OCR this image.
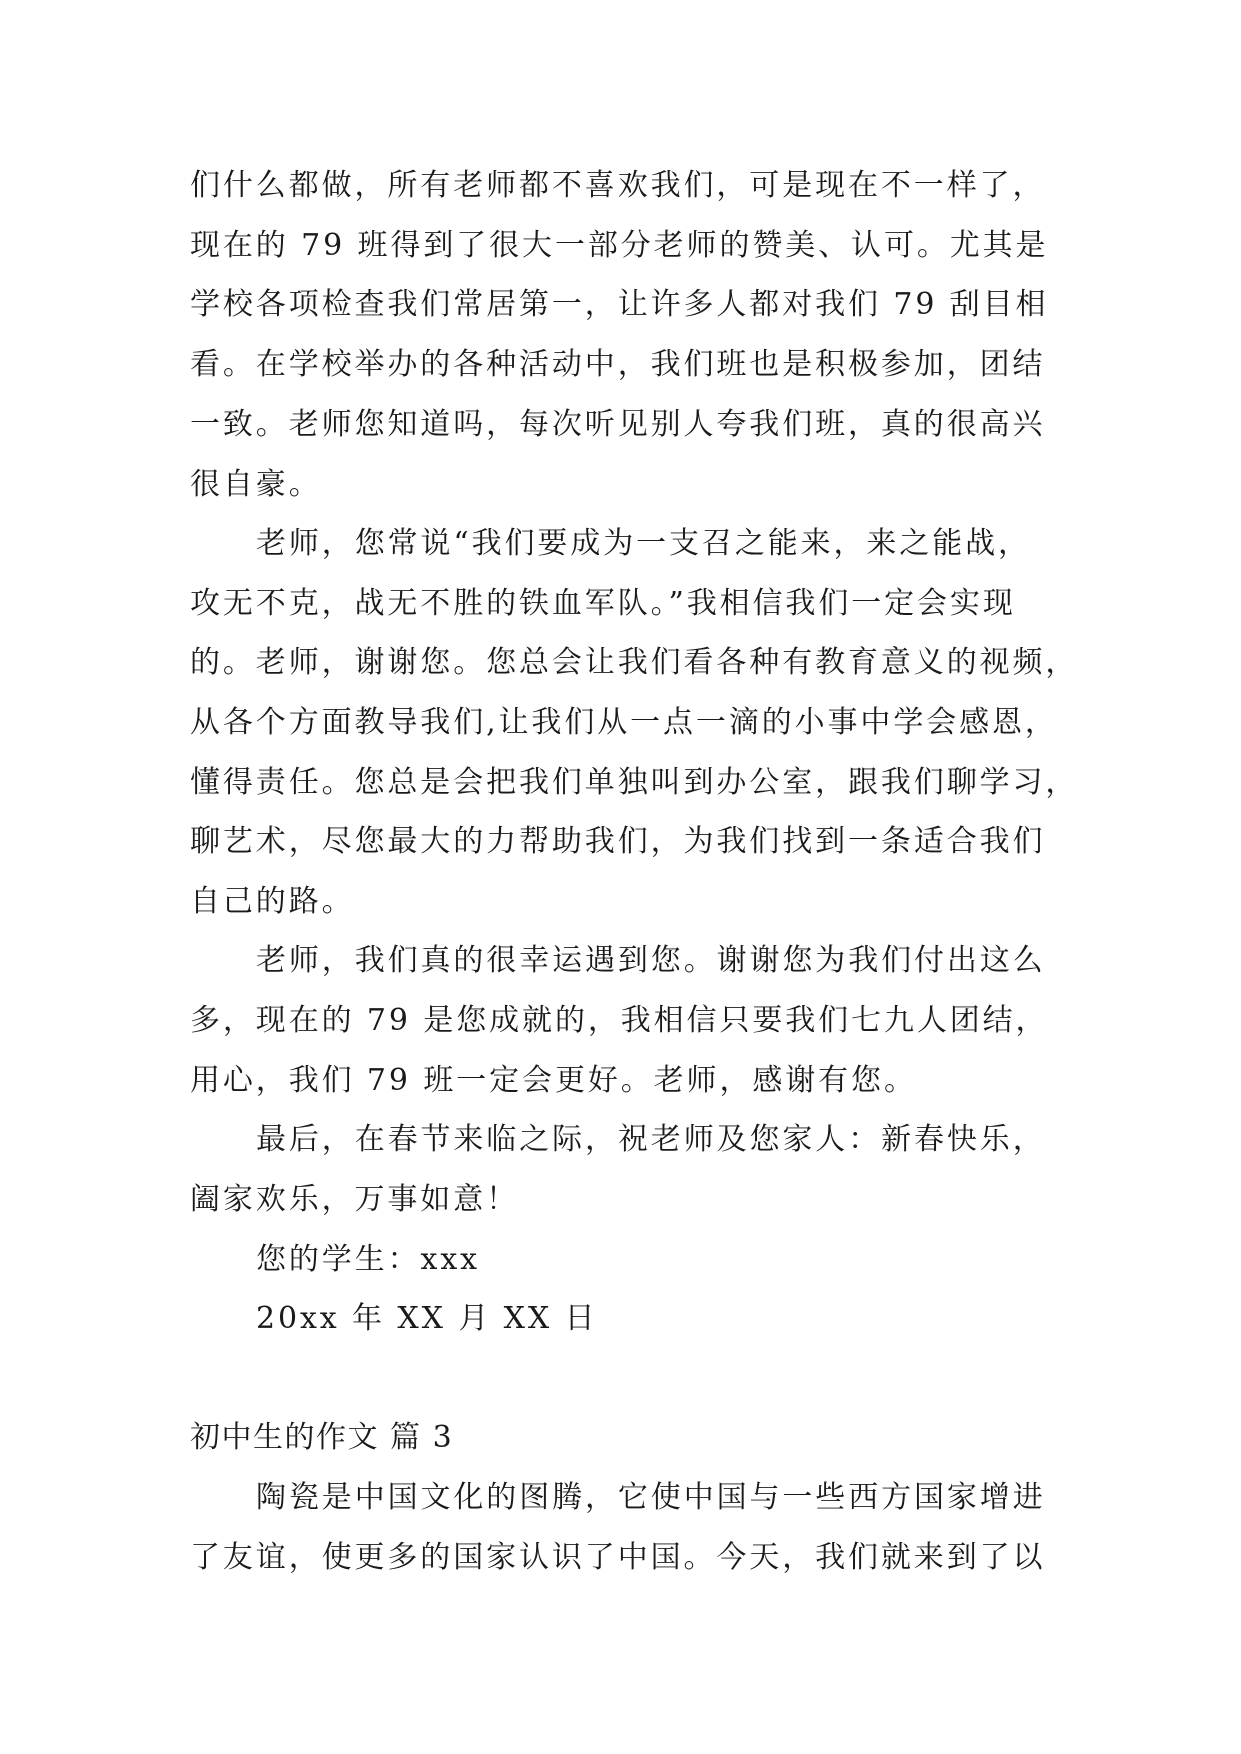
们什么都做，所有老师都不喜欢我们，可是现在不一样了，
现在的 79 班得到了很大一部分老师的赞美、认可。尤其是
学校各项检查我们常居第一，让许多人都对我们 79 刮目相
看。在学校举办的各种活动中，我们班也是积极参加，团结
一致。老师您知道吗，每次听见别人夸我们班，真的很高兴
很自豪。
老师，您常说“我们要成为一支召之能来，来之能战，
攻无不克，战无不胜的铁血军队。”我相信我们一定会实现
的。老师，谢谢您。您总会让我们看各种有教育意义的视频，
从各个方面教导我们,让我们从一点一滴的小事中学会感恩，
懂得责任。您总是会把我们单独叫到办公室，跟我们聊学习，
聊艺术，尽您最大的力帮助我们，为我们找到一条适合我们
自己的路。
老师，我们真的很幸运遇到您。谢谢您为我们付出这么
多，现在的 79 是您成就的，我相信只要我们七九人团结，
用心，我们 79 班一定会更好。老师，感谢有您。
最后，在春节来临之际，祝老师及您家人：新春快乐，
阖家欢乐，万事如意！
您的学生：xxx
20xx 年 XX 月 XX 日
初中生的作文 篇 3
陶瓷是中国文化的图腾，它使中国与一些西方国家增进
了友谊，使更多的国家认识了中国。今天，我们就来到了以
